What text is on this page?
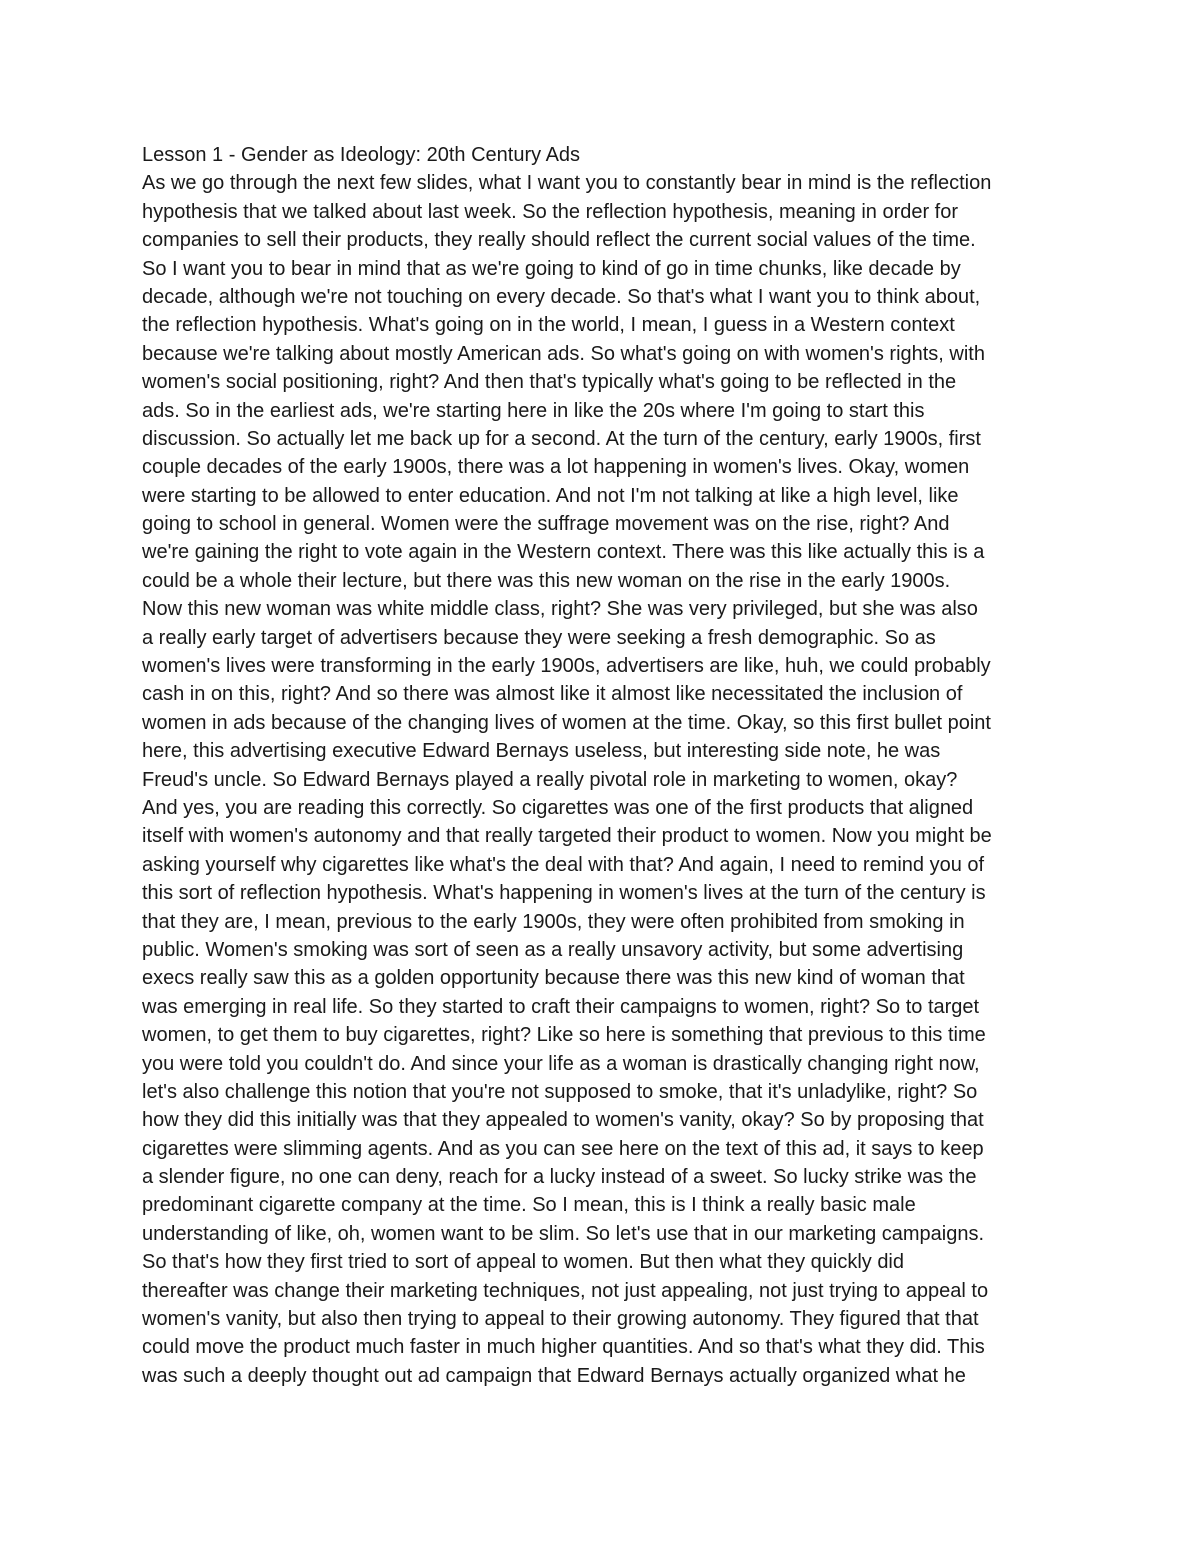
Lesson 1 - Gender as Ideology: 20th Century Ads
As we go through the next few slides, what I want you to constantly bear in mind is the reflection
hypothesis that we talked about last week. So the reflection hypothesis, meaning in order for
companies to sell their products, they really should reflect the current social values of the time.
So I want you to bear in mind that as we're going to kind of go in time chunks, like decade by
decade, although we're not touching on every decade. So that's what I want you to think about,
the reflection hypothesis. What's going on in the world, I mean, I guess in a Western context
because we're talking about mostly American ads. So what's going on with women's rights, with
women's social positioning, right? And then that's typically what's going to be reflected in the
ads. So in the earliest ads, we're starting here in like the 20s where I'm going to start this
discussion. So actually let me back up for a second. At the turn of the century, early 1900s, first
couple decades of the early 1900s, there was a lot happening in women's lives. Okay, women
were starting to be allowed to enter education. And not I'm not talking at like a high level, like
going to school in general. Women were the suffrage movement was on the rise, right? And
we're gaining the right to vote again in the Western context. There was this like actually this is a
could be a whole their lecture, but there was this new woman on the rise in the early 1900s.
Now this new woman was white middle class, right? She was very privileged, but she was also
a really early target of advertisers because they were seeking a fresh demographic. So as
women's lives were transforming in the early 1900s, advertisers are like, huh, we could probably
cash in on this, right? And so there was almost like it almost like necessitated the inclusion of
women in ads because of the changing lives of women at the time. Okay, so this first bullet point
here, this advertising executive Edward Bernays useless, but interesting side note, he was
Freud's uncle. So Edward Bernays played a really pivotal role in marketing to women, okay?
And yes, you are reading this correctly. So cigarettes was one of the first products that aligned
itself with women's autonomy and that really targeted their product to women. Now you might be
asking yourself why cigarettes like what's the deal with that? And again, I need to remind you of
this sort of reflection hypothesis. What's happening in women's lives at the turn of the century is
that they are, I mean, previous to the early 1900s, they were often prohibited from smoking in
public. Women's smoking was sort of seen as a really unsavory activity, but some advertising
execs really saw this as a golden opportunity because there was this new kind of woman that
was emerging in real life. So they started to craft their campaigns to women, right? So to target
women, to get them to buy cigarettes, right? Like so here is something that previous to this time
you were told you couldn't do. And since your life as a woman is drastically changing right now,
let's also challenge this notion that you're not supposed to smoke, that it's unladylike, right? So
how they did this initially was that they appealed to women's vanity, okay? So by proposing that
cigarettes were slimming agents. And as you can see here on the text of this ad, it says to keep
a slender figure, no one can deny, reach for a lucky instead of a sweet. So lucky strike was the
predominant cigarette company at the time. So I mean, this is I think a really basic male
understanding of like, oh, women want to be slim. So let's use that in our marketing campaigns.
So that's how they first tried to sort of appeal to women. But then what they quickly did
thereafter was change their marketing techniques, not just appealing, not just trying to appeal to
women's vanity, but also then trying to appeal to their growing autonomy. They figured that that
could move the product much faster in much higher quantities. And so that's what they did. This
was such a deeply thought out ad campaign that Edward Bernays actually organized what he
